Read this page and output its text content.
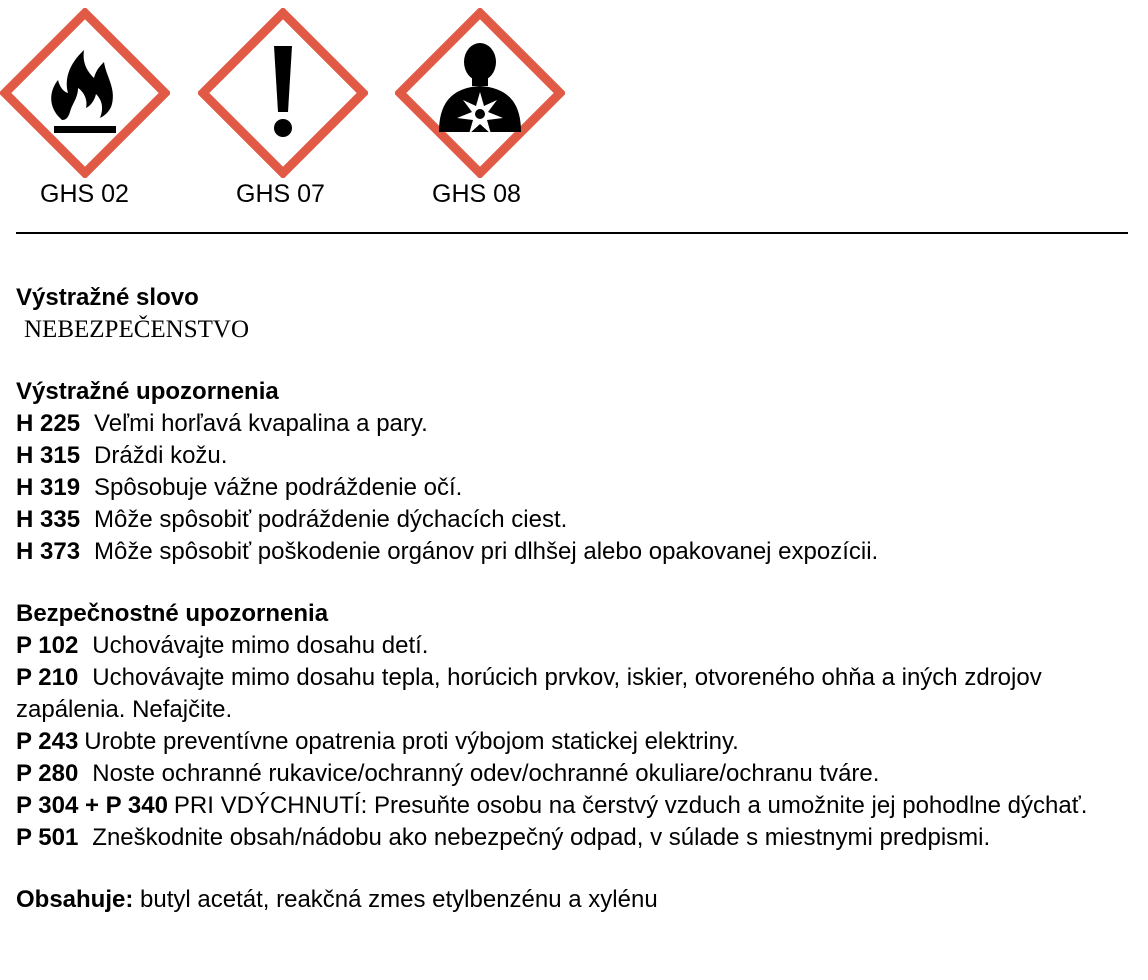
GHS 02	GHS 07	GHS 08
Výstražné slovo
NEBEZPEČENSTVO
Výstražné upozornenia

H 225 Veľmi horľavá kvapalina a pary.

H 315 Dráždi kožu.

H 319 Spôsobuje vážne podráždenie očí.

H 335 Môže spôsobiť podráždenie dýchacích ciest.

H 373 Môže spôsobiť poškodenie orgánov pri dlhšej alebo opakovanej expozícii.

Bezpečnostné upozornenia

P 102 Uchovávajte mimo dosahu detí.

P 210 Uchovávajte mimo dosahu tepla, horúcich prvkov, iskier, otvoreného ohňa a iných zdrojov zapálenia. Nefajčite.

P 243 Urobte preventívne opatrenia proti výbojom statickej elektriny.

P 280 Noste ochranné rukavice/ochranný odev/ochranné okuliare/ochranu tváre.

P 304 + P 340 PRI VDÝCHNUTÍ: Presuňte osobu na čerstvý vzduch a umožnite jej pohodlne dýchať.

P 501 Zneškodnite obsah/nádobu ako nebezpečný odpad, v súlade s miestnymi predpismi.

Obsahuje: butyl acetát, reakčná zmes etylbenzénu a xylénu
